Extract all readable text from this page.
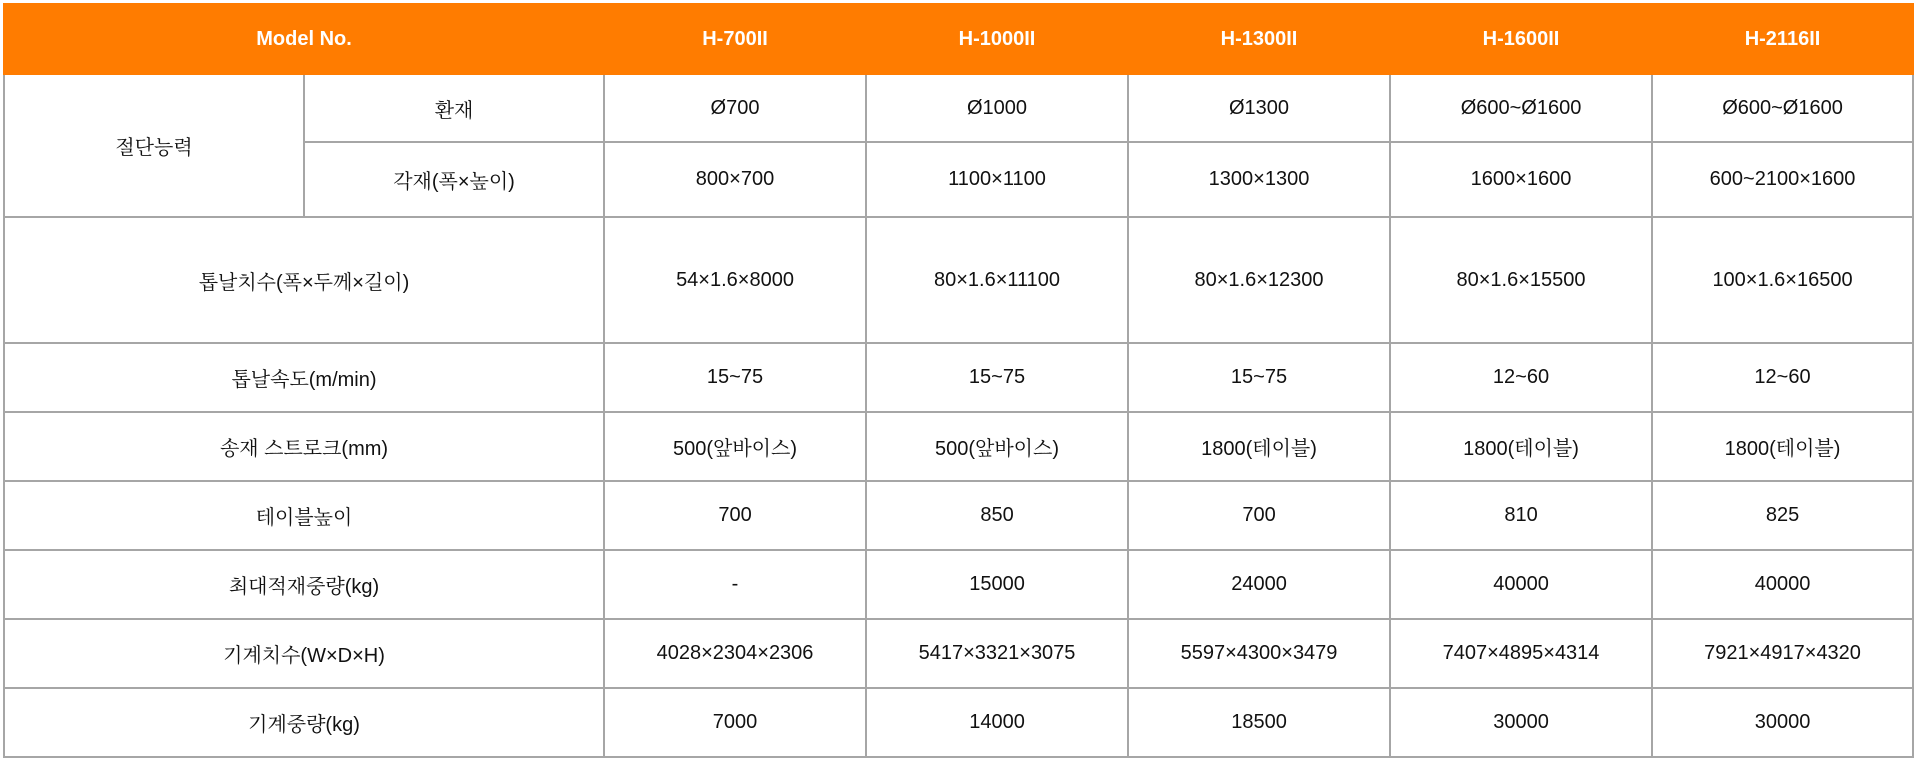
Model No.		H-700II	H-1000II	H-1300II	H-1600II	H-2116II
절단능력	환재	Ø700	Ø1000	Ø1300	Ø600~Ø1600	Ø600~Ø1600
	각재(폭×높이)	800×700	1100×1100	1300×1300	1600×1600	600~2100×1600
톱날치수(폭×두께×길이)		54×1.6×8000	80×1.6×11100	80×1.6×12300	80×1.6×15500	100×1.6×16500
톱날속도(m/min)		15~75	15~75	15~75	12~60	12~60
송재 스트로크(mm)		500(앞바이스)	500(앞바이스)	1800(테이블)	1800(테이블)	1800(테이블)
테이블높이		700	850	700	810	825
최대적재중량(kg)		-	15000	24000	40000	40000
기계치수(W×D×H)		4028×2304×2306	5417×3321×3075	5597×4300×3479	7407×4895×4314	7921×4917×4320
기계중량(kg)		7000	14000	18500	30000	30000
